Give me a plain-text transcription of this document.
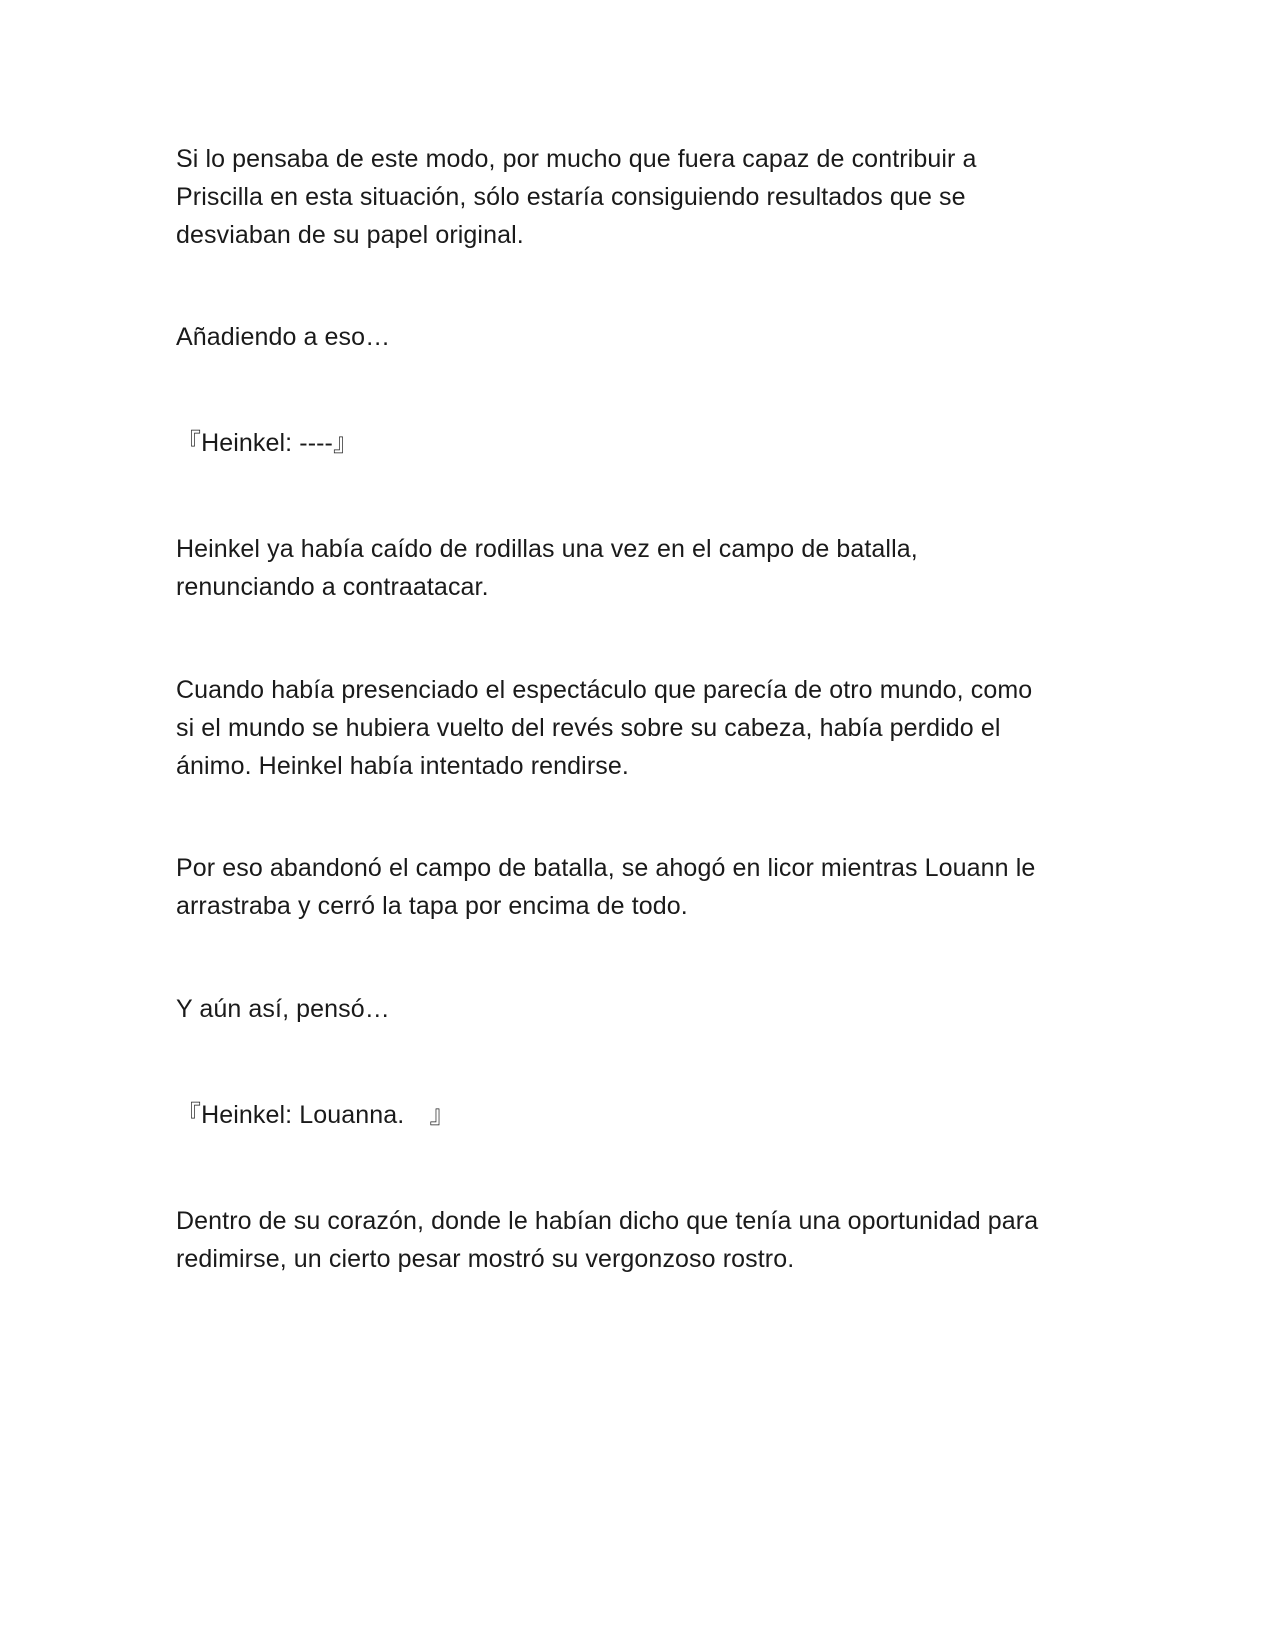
Si lo pensaba de este modo, por mucho que fuera capaz de contribuir a
Priscilla en esta situación, sólo estaría consiguiendo resultados que se
desviaban de su papel original.

Añadiendo a eso…

『Heinkel: ----』

Heinkel ya había caído de rodillas una vez en el campo de batalla,
renunciando a contraatacar.

Cuando había presenciado el espectáculo que parecía de otro mundo, como
si el mundo se hubiera vuelto del revés sobre su cabeza, había perdido el
ánimo. Heinkel había intentado rendirse.

Por eso abandonó el campo de batalla, se ahogó en licor mientras Louann le
arrastraba y cerró la tapa por encima de todo.

Y aún así, pensó…

『Heinkel: Louanna.　』

Dentro de su corazón, donde le habían dicho que tenía una oportunidad para
redimirse, un cierto pesar mostró su vergonzoso rostro.
